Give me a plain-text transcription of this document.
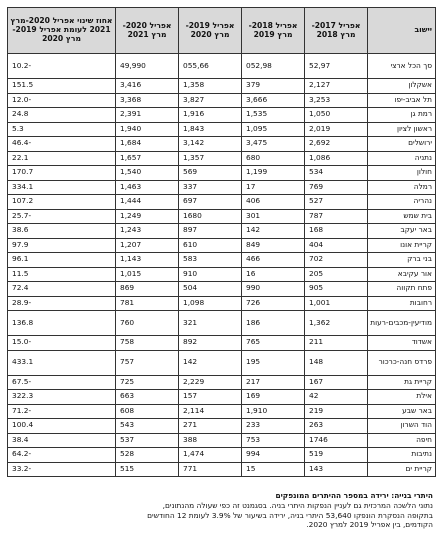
יישוב	אפריל 2017- מרץ 2018	אפריל 2018- מרץ 2019	אפריל 2019- מרץ 2020	אפריל 2020- מרץ 2021	אחוז שינוי אפריל 2020-מרץ 2021 לעומת אפריל 2019-מרץ 2020
סך הכל ארצי	52,97	052,98	055,66	49,990	-10.2
אשקלון	2,127	379	1,358	3,416	151.5
תל אביב-יפו	3,253	3,666	3,827	3,368	-12.0
רמת גן	1,050	1,535	1,916	2,391	24.8
ראשון לציון	2,019	1,095	1,843	1,940	5.3
ירושלים	2,692	3,475	3,142	1,684	-46.4
נתניה	1,086	680	1,357	1,657	22.1
חולון	534	1,199	569	1,540	170.7
רמלה	769	17	337	1,463	334.1
נהריה	527	406	697	1,444	107.2
בית שמש	787	301	1680	1,249	-25.7
באר יעקב	168	142	897	1,243	38.6
קריית אונו	404	849	610	1,207	97.9
בני ברק	702	466	583	1,143	96.1
אור עקיבא	205	16	910	1,015	11.5
פתח תקווה	905	990	504	869	72.4
רחובות	1,001	726	1,098	781	-28.9
מודיעין-מכבים-רעות	1,362	186	321	760	136.8
אשדוד	211	765	892	758	-15.0
פרדס חנה-כרכור	148	195	142	757	433.1
קריית גת	167	217	2,229	725	-67.5
אילת	42	169	157	663	322.3
באר שבע	219	1,910	2,114	608	-71.2
הוד השרון	263	233	271	543	100.4
חיפה	1746	753	388	537	38.4
נתיבות	519	994	1,474	528	-64.2
קריית ים	143	15	771	515	-33.2

היתרי בנייה: ירידה במספר ההיתרים המונפקים

נתוני הלשכה המרכזית גם לעניין הנפקות היתרי בניה. בסגמנט זה כפי שעולה מהנתונים,

בתקופה הנסקרת הונפקו 53,640 היתרי בניה, ירידה בשיעור של 3.9% לעומת 12 החודשים

הקודמים, בין אפריל 2019 למרץ 2020.
